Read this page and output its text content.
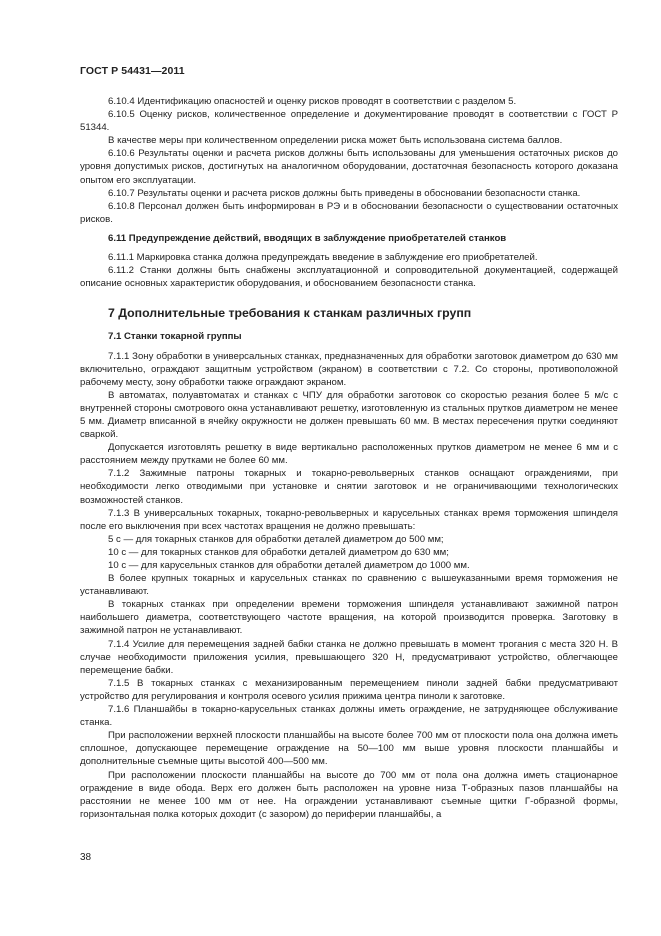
ГОСТ Р 54431—2011
6.10.4 Идентификацию опасностей и оценку рисков проводят в соответствии с разделом 5.
6.10.5 Оценку рисков, количественное определение и документирование проводят в соответствии с ГОСТ Р 51344.
В качестве меры при количественном определении риска может быть использована система баллов.
6.10.6 Результаты оценки и расчета рисков должны быть использованы для уменьшения остаточных рисков до уровня допустимых рисков, достигнутых на аналогичном оборудовании, достаточная безопасность которого доказана опытом его эксплуатации.
6.10.7 Результаты оценки и расчета рисков должны быть приведены в обосновании безопасности станка.
6.10.8 Персонал должен быть информирован в РЭ и в обосновании безопасности о существовании остаточных рисков.
6.11 Предупреждение действий, вводящих в заблуждение приобретателей станков
6.11.1 Маркировка станка должна предупреждать введение в заблуждение его приобретателей.
6.11.2 Станки должны быть снабжены эксплуатационной и сопроводительной документацией, содержащей описание основных характеристик оборудования, и обоснованием безопасности станка.
7 Дополнительные требования к станкам различных групп
7.1 Станки токарной группы
7.1.1 Зону обработки в универсальных станках, предназначенных для обработки заготовок диаметром до 630 мм включительно, ограждают защитным устройством (экраном) в соответствии с 7.2. Со стороны, противоположной рабочему месту, зону обработки также ограждают экраном.
В автоматах, полуавтоматах и станках с ЧПУ для обработки заготовок со скоростью резания более 5 м/с с внутренней стороны смотрового окна устанавливают решетку, изготовленную из стальных прутков диаметром не менее 5 мм. Диаметр вписанной в ячейку окружности не должен превышать 60 мм. В местах пересечения прутки соединяют сваркой.
Допускается изготовлять решетку в виде вертикально расположенных прутков диаметром не менее 6 мм и с расстоянием между прутками не более 60 мм.
7.1.2 Зажимные патроны токарных и токарно-револьверных станков оснащают ограждениями, при необходимости легко отводимыми при установке и снятии заготовок и не ограничивающими технологических возможностей станков.
7.1.3 В универсальных токарных, токарно-револьверных и карусельных станках время торможения шпинделя после его выключения при всех частотах вращения не должно превышать:
5 с — для токарных станков для обработки деталей диаметром до 500 мм;
10 с — для токарных станков для обработки деталей диаметром до 630 мм;
10 с — для карусельных станков для обработки деталей диаметром до 1000 мм.
В более крупных токарных и карусельных станках по сравнению с вышеуказанными время торможения не устанавливают.
В токарных станках при определении времени торможения шпинделя устанавливают зажимной патрон наибольшего диаметра, соответствующего частоте вращения, на которой производится проверка. Заготовку в зажимной патрон не устанавливают.
7.1.4 Усилие для перемещения задней бабки станка не должно превышать в момент трогания с места 320 Н. В случае необходимости приложения усилия, превышающего 320 Н, предусматривают устройство, облегчающее перемещение бабки.
7.1.5 В токарных станках с механизированным перемещением пиноли задней бабки предусматривают устройство для регулирования и контроля осевого усилия прижима центра пиноли к заготовке.
7.1.6 Планшайбы в токарно-карусельных станках должны иметь ограждение, не затрудняющее обслуживание станка.
При расположении верхней плоскости планшайбы на высоте более 700 мм от плоскости пола она должна иметь сплошное, допускающее перемещение ограждение на 50—100 мм выше уровня плоскости планшайбы и дополнительные съемные щиты высотой 400—500 мм.
При расположении плоскости планшайбы на высоте до 700 мм от пола она должна иметь стационарное ограждение в виде обода. Верх его должен быть расположен на уровне низа Т-образных пазов планшайбы на расстоянии не менее 100 мм от нее. На ограждении устанавливают съемные щитки Г-образной формы, горизонтальная полка которых доходит (с зазором) до периферии планшайбы, а
38
